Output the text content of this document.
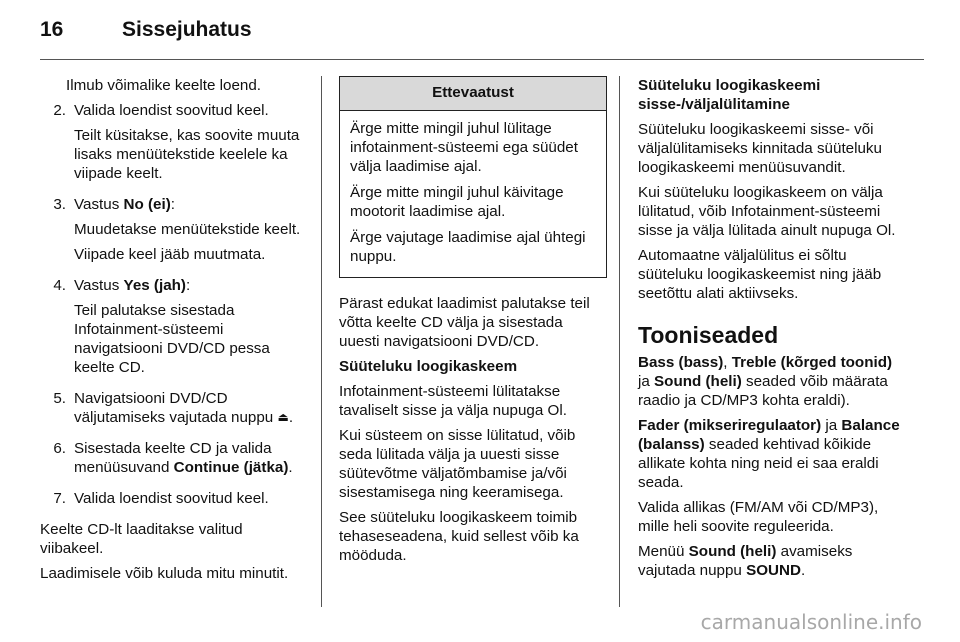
16	Sissejuhatus

Ilmub võimalike keelte loend.

2. Valida loendist soovitud keel.

Teilt küsitakse, kas soovite muuta lisaks menüütekstide keelele ka viipade keelt.

3. Vastus No (ei):

Muudetakse menüütekstide keelt.

Viipade keel jääb muutmata.

4. Vastus Yes (jah):

Teil palutakse sisestada Infotainment-süsteemi navigatsiooni DVD/CD pessa keelte CD.

5. Navigatsiooni DVD/CD väljutamiseks vajutada nuppu ⏏.

6. Sisestada keelte CD ja valida menüüsuvand Continue (jätka).

7. Valida loendist soovitud keel.

Keelte CD-lt laaditakse valitud viibakeel.

Laadimisele võib kuluda mitu minutit.

Ettevaatust

Ärge mitte mingil juhul lülitage infotainment-süsteemi ega süüdet välja laadimise ajal.

Ärge mitte mingil juhul käivitage mootorit laadimise ajal.

Ärge vajutage laadimise ajal ühtegi nuppu.

Pärast edukat laadimist palutakse teil võtta keelte CD välja ja sisestada uuesti navigatsiooni DVD/CD.

Süüteluku loogikaskeem

Infotainment-süsteemi lülitatakse tavaliselt sisse ja välja nupuga Ol.

Kui süsteem on sisse lülitatud, võib seda lülitada välja ja uuesti sisse süütevõtme väljatõmbamise ja/või sisestamisega ning keeramisega.

See süüteluku loogikaskeem toimib tehaseseadena, kuid sellest võib ka mööduda.

Süüteluku loogikaskeemi sisse-/väljalülitamine

Süüteluku loogikaskeemi sisse- või väljalülitamiseks kinnitada süüteluku loogikaskeemi menüüsuvandit.

Kui süüteluku loogikaskeem on välja lülitatud, võib Infotainment-süsteemi sisse ja välja lülitada ainult nupuga Ol.

Automaatne väljalülitus ei sõltu süüteluku loogikaskeemist ning jääb seetõttu alati aktiivseks.

Tooniseaded

Bass (bass), Treble (kõrged toonid) ja Sound (heli) seaded võib määrata raadio ja CD/MP3 kohta eraldi).

Fader (mikseriregulaator) ja Balance (balanss) seaded kehtivad kõikide allikate kohta ning neid ei saa eraldi seada.

Valida allikas (FM/AM või CD/MP3), mille heli soovite reguleerida.

Menüü Sound (heli) avamiseks vajutada nuppu SOUND.

carmanualsonline.info
